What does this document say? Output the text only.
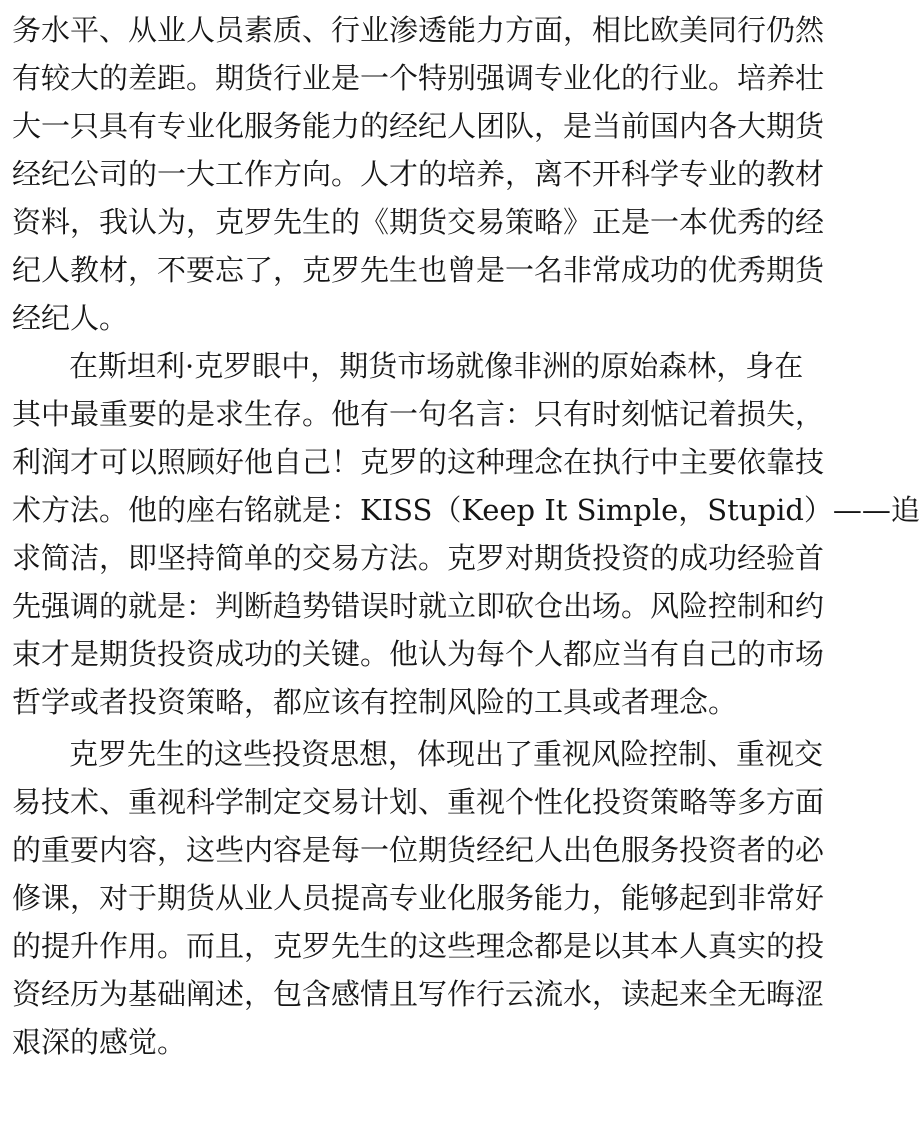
务水平、从业人员素质、行业渗透能力方面，相比欧美同行仍然
有较大的差距。期货行业是一个特别强调专业化的行业。培养壮
大一只具有专业化服务能力的经纪人团队，是当前国内各大期货
经纪公司的一大工作方向。人才的培养，离不开科学专业的教材
资料，我认为，克罗先生的《期货交易策略》正是一本优秀的经
纪人教材，不要忘了，克罗先生也曾是一名非常成功的优秀期货
经纪人。
在斯坦利·克罗眼中，期货市场就像非洲的原始森林，身在
其中最重要的是求生存。他有一句名言：只有时刻惦记着损失，
利润才可以照顾好他自己！克罗的这种理念在执行中主要依靠技
术方法。他的座右铭就是：KISS（Keep It Simple，Stupid）——追
求简洁，即坚持简单的交易方法。克罗对期货投资的成功经验首
先强调的就是：判断趋势错误时就立即砍仓出场。风险控制和约
束才是期货投资成功的关键。他认为每个人都应当有自己的市场
哲学或者投资策略，都应该有控制风险的工具或者理念。
克罗先生的这些投资思想，体现出了重视风险控制、重视交
易技术、重视科学制定交易计划、重视个性化投资策略等多方面
的重要内容，这些内容是每一位期货经纪人出色服务投资者的必
修课，对于期货从业人员提高专业化服务能力，能够起到非常好
的提升作用。而且，克罗先生的这些理念都是以其本人真实的投
资经历为基础阐述，包含感情且写作行云流水，读起来全无晦涩
艰深的感觉。
